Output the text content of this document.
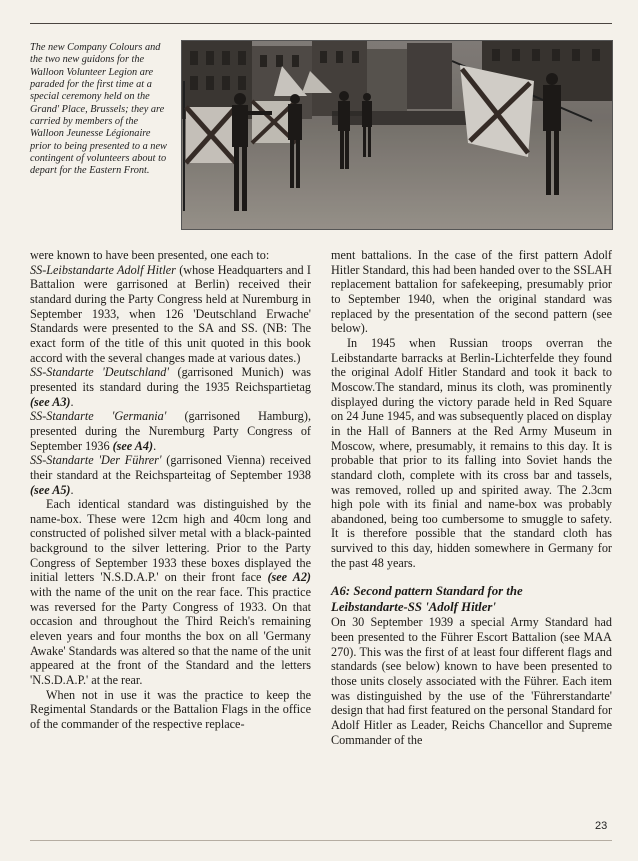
The new Company Colours and the two new guidons for the Walloon Volunteer Legion are paraded for the first time at a special ceremony held on the Grand' Place, Brussels; they are carried by members of the Walloon Jeunesse Légionaire prior to being presented to a new contingent of volunteers about to depart for the Eastern Front.

were known to have been presented, one each to:

SS-Leibstandarte Adolf Hitler (whose Headquarters and I Battalion were garrisoned at Berlin) received their standard during the Party Congress held at Nuremburg in September 1933, when 126 'Deutschland Erwache' Standards were presented to the SA and SS. (NB: The exact form of the title of this unit quoted in this book accord with the several changes made at various dates.)

SS-Standarte 'Deutschland' (garrisoned Munich) was presented its standard during the 1935 Reichspartietag (see A3).

SS-Standarte 'Germania' (garrisoned Hamburg), presented during the Nuremburg Party Congress of September 1936 (see A4).

SS-Standarte 'Der Führer' (garrisoned Vienna) received their standard at the Reichsparteitag of September 1938 (see A5).

Each identical standard was distinguished by the name-box. These were 12cm high and 40cm long and constructed of polished silver metal with a black-painted background to the silver lettering. Prior to the Party Congress of September 1933 these boxes displayed the initial letters 'N.S.D.A.P.' on their front face (see A2) with the name of the unit on the rear face. This practice was reversed for the Party Congress of 1933. On that occasion and throughout the Third Reich's remaining eleven years and four months the box on all 'Germany Awake' Standards was altered so that the name of the unit appeared at the front of the Standard and the letters 'N.S.D.A.P.' at the rear.

When not in use it was the practice to keep the Regimental Standards or the Battalion Flags in the office of the commander of the respective replace-

ment battalions. In the case of the first pattern Adolf Hitler Standard, this had been handed over to the SSLAH replacement battalion for safekeeping, presumably prior to September 1940, when the original standard was replaced by the presentation of the second pattern (see below).

In 1945 when Russian troops overran the Leibstandarte barracks at Berlin-Lichterfelde they found the original Adolf Hitler Standard and took it back to Moscow.The standard, minus its cloth, was prominently displayed during the victory parade held in Red Square on 24 June 1945, and was subsequently placed on display in the Hall of Banners at the Red Army Museum in Moscow, where, presumably, it remains to this day. It is probable that prior to its falling into Soviet hands the standard cloth, complete with its cross bar and tassels, was removed, rolled up and spirited away. The 2.3cm high pole with its finial and name-box was probably abandoned, being too cumbersome to smuggle to safety. It is therefore possible that the standard cloth has survived to this day, hidden somewhere in Germany for the past 48 years.

A6: Second pattern Standard for the
Leibstandarte-SS 'Adolf Hitler'

On 30 September 1939 a special Army Standard had been presented to the Führer Escort Battalion (see MAA 270). This was the first of at least four different flags and standards (see below) known to have been presented to those units closely associated with the Führer. Each item was distinguished by the use of the 'Führerstandarte' design that had first featured on the personal Standard for Adolf Hitler as Leader, Reichs Chancellor and Supreme Commander of the

23
